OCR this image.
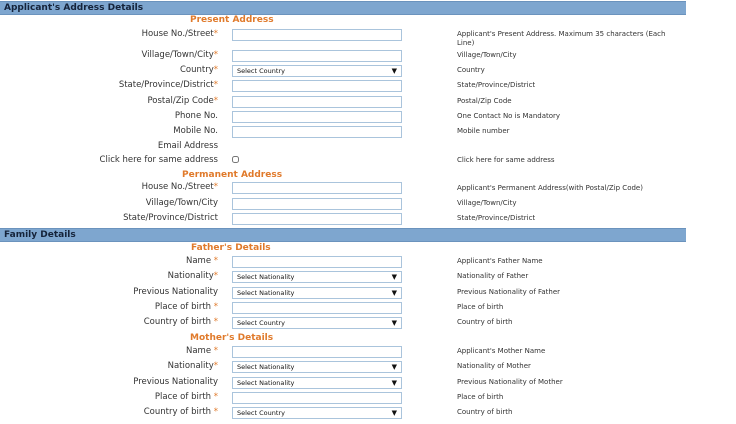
Applicant's Address Details
Present Address
House No./Street*	Applicant's Present Address. Maximum 35 characters (Each Line)
Village/Town/City*	Village/Town/City
Country*	Select Country	▼	Country
State/Province/District*	State/Province/District
Postal/Zip Code*	Postal/Zip Code
Phone No.	One Contact No is Mandatory
Mobile No.	Mobile number
Email Address
Click here for same address	Click here for same address
Permanent Address
House No./Street*	Applicant's Permanent Address(with Postal/Zip Code)
Village/Town/City	Village/Town/City
State/Province/District	State/Province/District
Family Details
Father's Details
Name *	Applicant's Father Name
Nationality*	Select Nationality	▼	Nationality of Father
Previous Nationality	Select Nationality	▼	Previous Nationality of Father
Place of birth *	Place of birth
Country of birth *	Select Country	▼	Country of birth
Mother's Details
Name *	Applicant's Mother Name
Nationality*	Select Nationality	▼	Nationality of Mother
Previous Nationality	Select Nationality	▼	Previous Nationality of Mother
Place of birth *	Place of birth
Country of birth *	Select Country	▼	Country of birth
